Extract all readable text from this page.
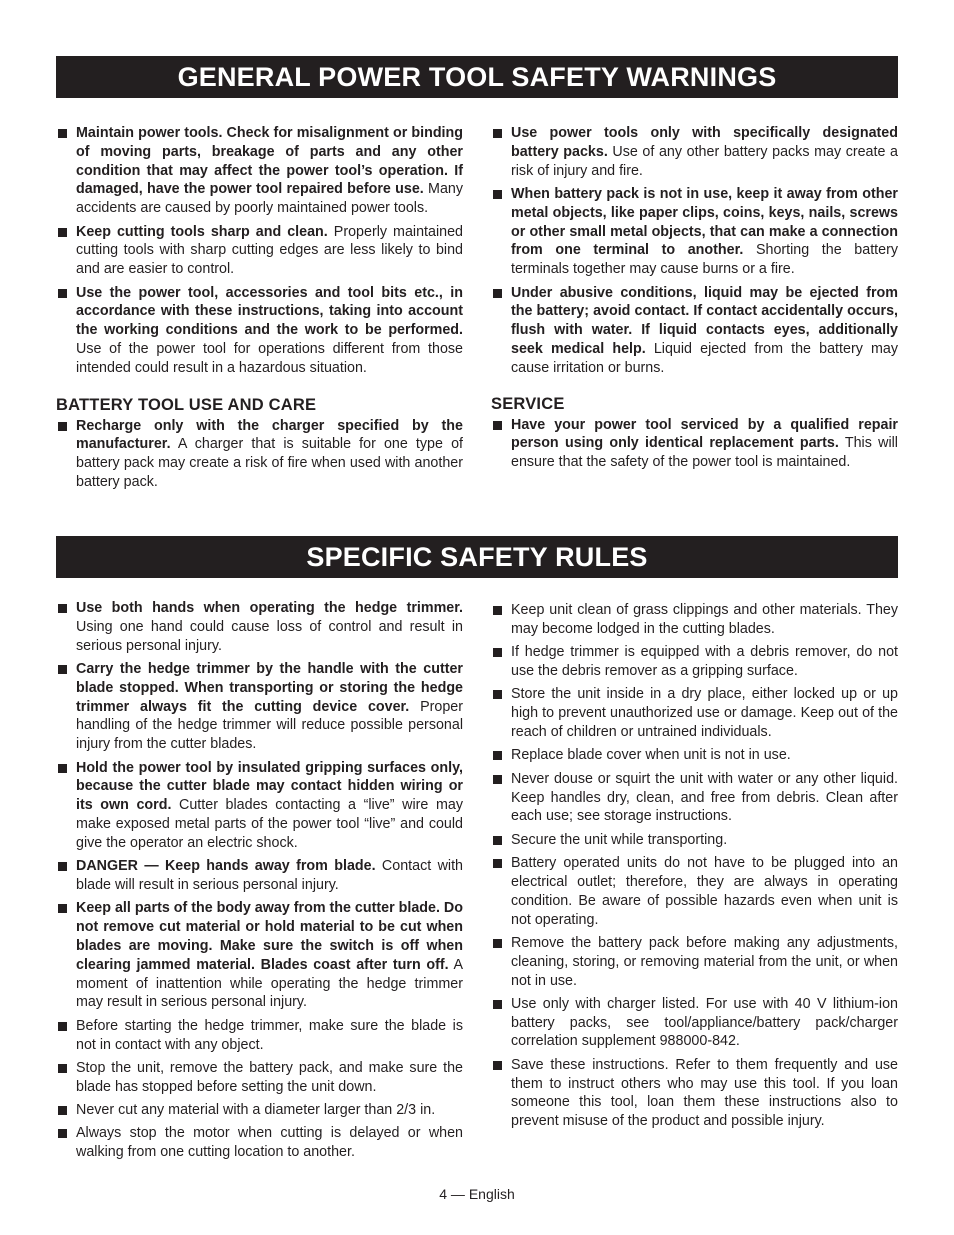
GENERAL POWER TOOL SAFETY WARNINGS
Maintain power tools. Check for misalignment or binding of moving parts, breakage of parts and any other condition that may affect the power tool’s operation. If damaged, have the power tool repaired before use. Many accidents are caused by poorly maintained power tools.
Keep cutting tools sharp and clean. Properly maintained cutting tools with sharp cutting edges are less likely to bind and are easier to control.
Use the power tool, accessories and tool bits etc., in accordance with these instructions, taking into account the working conditions and the work to be performed. Use of the power tool for operations different from those intended could result in a hazardous situation.
BATTERY TOOL USE AND CARE
Recharge only with the charger specified by the manufacturer. A charger that is suitable for one type of battery pack may create a risk of fire when used with another battery pack.
Use power tools only with specifically designated battery packs. Use of any other battery packs may create a risk of injury and fire.
When battery pack is not in use, keep it away from other metal objects, like paper clips, coins, keys, nails, screws or other small metal objects, that can make a connection from one terminal to another. Shorting the battery terminals together may cause burns or a fire.
Under abusive conditions, liquid may be ejected from the battery; avoid contact. If contact accidentally occurs, flush with water. If liquid contacts eyes, additionally seek medical help. Liquid ejected from the battery may cause irritation or burns.
SERVICE
Have your power tool serviced by a qualified repair person using only identical replacement parts. This will ensure that the safety of the power tool is maintained.
SPECIFIC SAFETY RULES
Use both hands when operating the hedge trimmer. Using one hand could cause loss of control and result in serious personal injury.
Carry the hedge trimmer by the handle with the cutter blade stopped. When transporting or storing the hedge trimmer always fit the cutting device cover. Proper handling of the hedge trimmer will reduce possible personal injury from the cutter blades.
Hold the power tool by insulated gripping surfaces only, because the cutter blade may contact hidden wiring or its own cord. Cutter blades contacting a “live” wire may make exposed metal parts of the power tool “live” and could give the operator an electric shock.
DANGER — Keep hands away from blade. Contact with blade will result in serious personal injury.
Keep all parts of the body away from the cutter blade. Do not remove cut material or hold material to be cut when blades are moving. Make sure the switch is off when clearing jammed material. Blades coast after turn off. A moment of inattention while operating the hedge trimmer may result in serious personal injury.
Before starting the hedge trimmer, make sure the blade is not in contact with any object.
Stop the unit, remove the battery pack, and make sure the blade has stopped before setting the unit down.
Never cut any material with a diameter larger than 2/3 in.
Always stop the motor when cutting is delayed or when walking from one cutting location to another.
Keep unit clean of grass clippings and other materials. They may become lodged in the cutting blades.
If hedge trimmer is equipped with a debris remover, do not use the debris remover as a gripping surface.
Store the unit inside in a dry place, either locked up or up high to prevent unauthorized use or damage. Keep out of the reach of children or untrained individuals.
Replace blade cover when unit is not in use.
Never douse or squirt the unit with water or any other liquid. Keep handles dry, clean, and free from debris. Clean after each use; see storage instructions.
Secure the unit while transporting.
Battery operated units do not have to be plugged into an electrical outlet; therefore, they are always in operating condition. Be aware of possible hazards even when unit is not operating.
Remove the battery pack before making any adjustments, cleaning, storing, or removing material from the unit, or when not in use.
Use only with charger listed. For use with 40 V lithium-ion battery packs, see tool/appliance/battery pack/charger correlation supplement 988000-842.
Save these instructions. Refer to them frequently and use them to instruct others who may use this tool. If you loan someone this tool, loan them these instructions also to prevent misuse of the product and possible injury.
4 — English
